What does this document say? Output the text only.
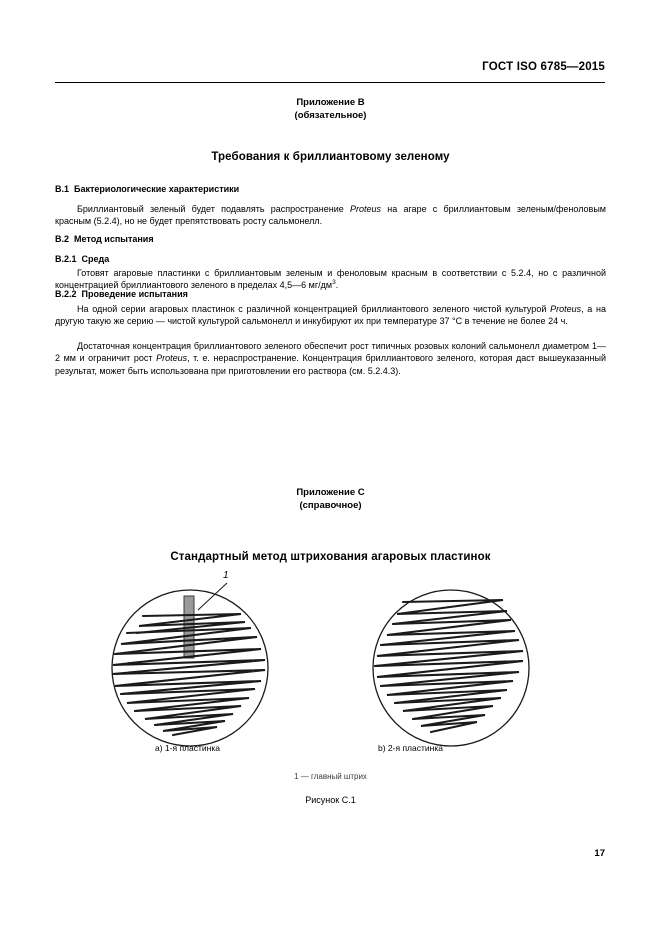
ГОСТ ISO 6785—2015
Приложение В
(обязательное)
Требования к бриллиантовому зеленому
В.1 Бактериологические характеристики
Бриллиантовый зеленый будет подавлять распространение Proteus на агаре с бриллиантовым зеленым/феноловым красным (5.2.4), но не будет препятствовать росту сальмонелл.
В.2 Метод испытания
В.2.1 Среда
Готовят агаровые пластинки с бриллиантовым зеленым и феноловым красным в соответствии с 5.2.4, но с различной концентрацией бриллиантового зеленого в пределах 4,5—6 $мг/дм^3$.
В.2.2 Проведение испытания
На одной серии агаровых пластинок с различной концентрацией бриллиантового зеленого чистой культурой Proteus, а на другую такую же серию — чистой культурой сальмонелл и инкубируют их при температуре 37 °С в течение не более 24 ч.
Достаточная концентрация бриллиантового зеленого обеспечит рост типичных розовых колоний сальмонелл диаметром 1—2 мм и ограничит рост Proteus, т. е. нераспространение. Концентрация бриллиантового зеленого, которая даст вышеуказанный результат, может быть использована при приготовлении его раствора (см. 5.2.4.3).
Приложение С
(справочное)
Стандартный метод штрихования агаровых пластинок
1
a) 1-я пластинка	b) 2-я пластинка
1 — главный штрих
Рисунок С.1
17
